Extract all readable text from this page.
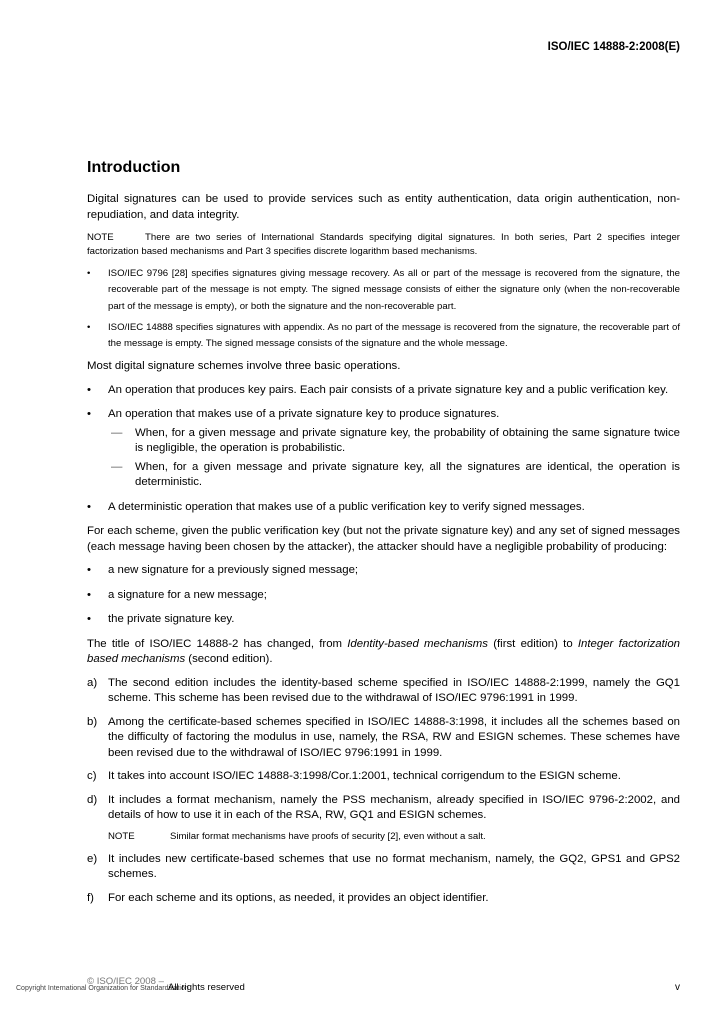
ISO/IEC 14888-2:2008(E)
Introduction

Digital signatures can be used to provide services such as entity authentication, data origin authentication, non-repudiation, and data integrity.

NOTE	There are two series of International Standards specifying digital signatures. In both series, Part 2 specifies integer factorization based mechanisms and Part 3 specifies discrete logarithm based mechanisms.

• ISO/IEC 9796 [28] specifies signatures giving message recovery. As all or part of the message is recovered from the signature, the recoverable part of the message is not empty. The signed message consists of either the signature only (when the non-recoverable part of the message is empty), or both the signature and the non-recoverable part.

• ISO/IEC 14888 specifies signatures with appendix. As no part of the message is recovered from the signature, the recoverable part of the message is empty. The signed message consists of the signature and the whole message.

Most digital signature schemes involve three basic operations.

• An operation that produces key pairs. Each pair consists of a private signature key and a public verification key.

• An operation that makes use of a private signature key to produce signatures.

— When, for a given message and private signature key, the probability of obtaining the same signature twice is negligible, the operation is probabilistic.

— When, for a given message and private signature key, all the signatures are identical, the operation is deterministic.

• A deterministic operation that makes use of a public verification key to verify signed messages.

For each scheme, given the public verification key (but not the private signature key) and any set of signed messages (each message having been chosen by the attacker), the attacker should have a negligible probability of producing:

• a new signature for a previously signed message;

• a signature for a new message;

• the private signature key.

The title of ISO/IEC 14888-2 has changed, from Identity-based mechanisms (first edition) to Integer factorization based mechanisms (second edition).

a) The second edition includes the identity-based scheme specified in ISO/IEC 14888-2:1999, namely the GQ1 scheme. This scheme has been revised due to the withdrawal of ISO/IEC 9796:1991 in 1999.

b) Among the certificate-based schemes specified in ISO/IEC 14888-3:1998, it includes all the schemes based on the difficulty of factoring the modulus in use, namely, the RSA, RW and ESIGN schemes. These schemes have been revised due to the withdrawal of ISO/IEC 9796:1991 in 1999.

c) It takes into account ISO/IEC 14888-3:1998/Cor.1:2001, technical corrigendum to the ESIGN scheme.

d) It includes a format mechanism, namely the PSS mechanism, already specified in ISO/IEC 9796-2:2002, and details of how to use it in each of the RSA, RW, GQ1 and ESIGN schemes.

NOTE	Similar format mechanisms have proofs of security [2], even without a salt.

e) It includes new certificate-based schemes that use no format mechanism, namely, the GQ2, GPS1 and GPS2 schemes.

f) For each scheme and its options, as needed, it provides an object identifier.

© ISO/IEC 2008 –
Copyright International Organization for Standardization
All rights reserved	v
